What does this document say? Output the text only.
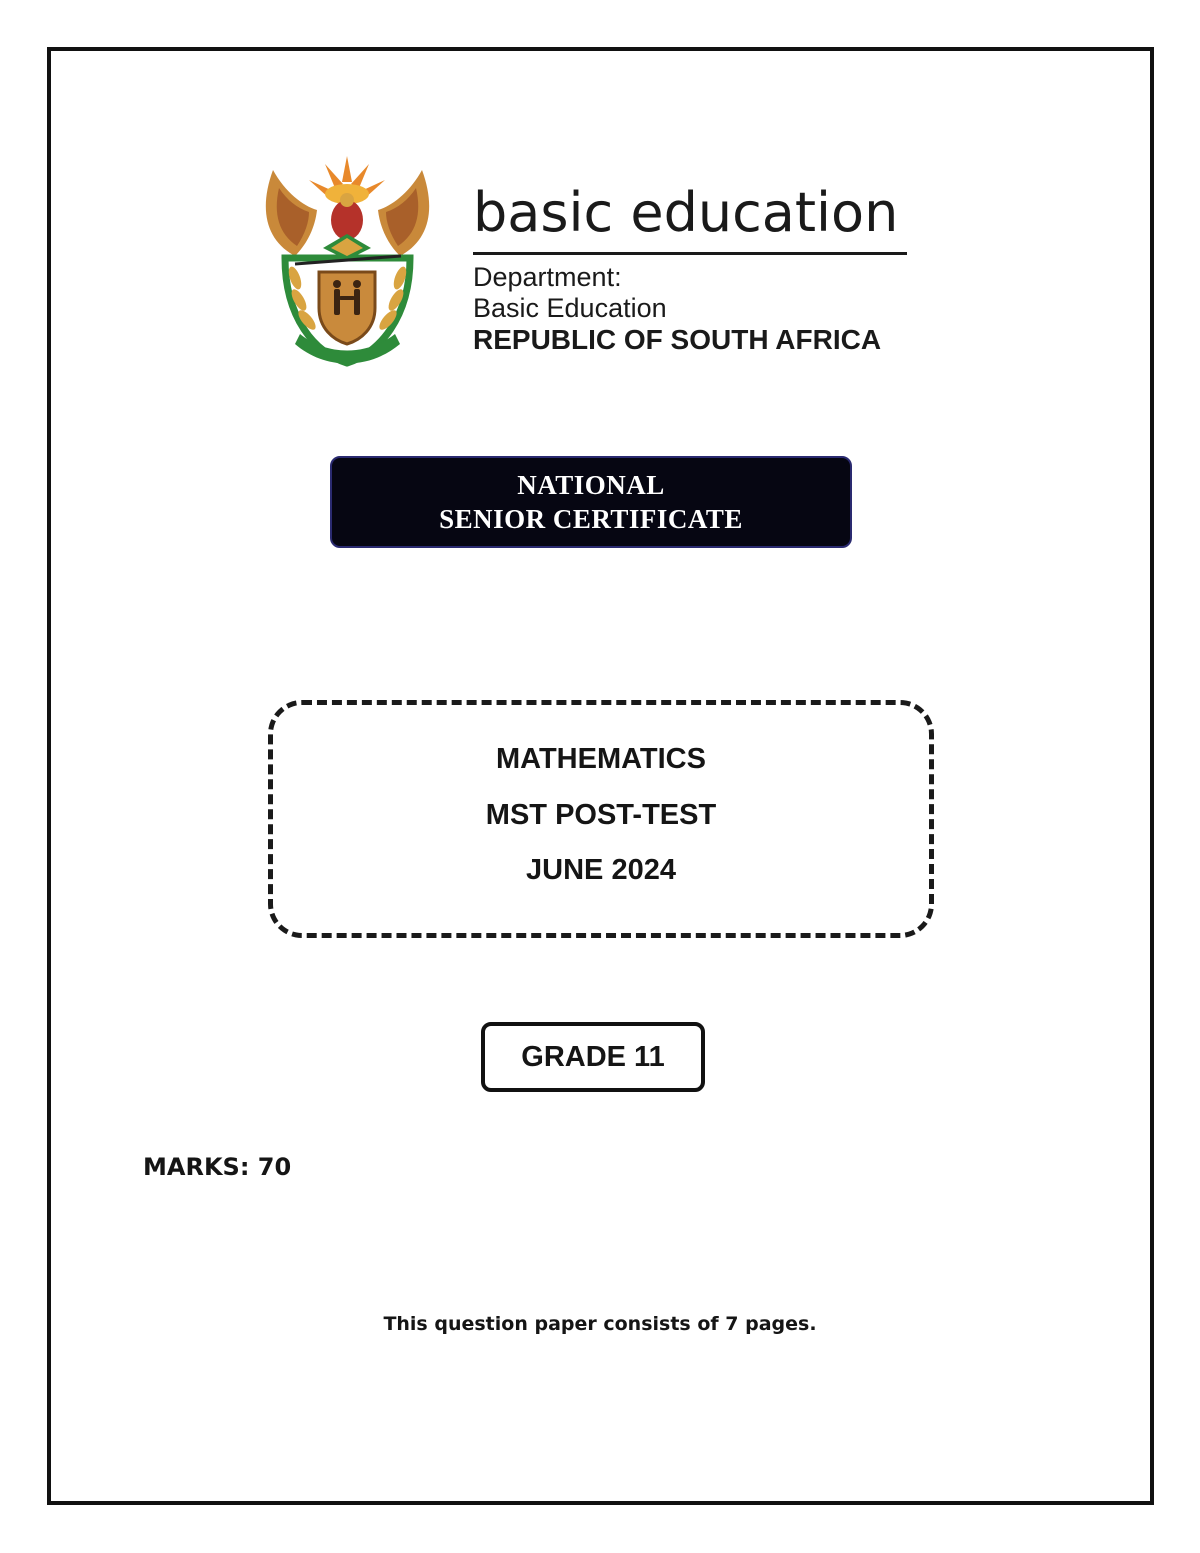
basic education
Department:
Basic Education
REPUBLIC OF SOUTH AFRICA
NATIONAL
SENIOR CERTIFICATE
MATHEMATICS
MST POST-TEST
JUNE 2024
GRADE 11
MARKS: 70
This question paper consists of 7 pages.
